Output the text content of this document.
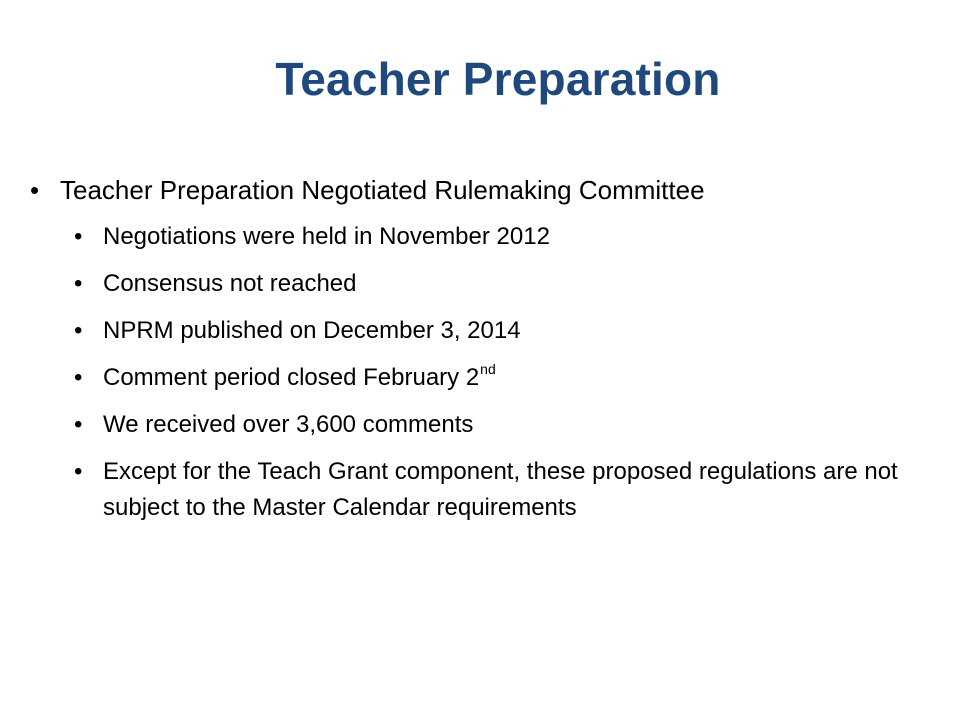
Teacher Preparation
• Teacher Preparation Negotiated Rulemaking Committee
• Negotiations were held in November 2012
• Consensus not reached
• NPRM published on December 3, 2014
• Comment period closed February 2nd
• We received over 3,600 comments
• Except for the Teach Grant component, these proposed regulations are not subject to the Master Calendar requirements
